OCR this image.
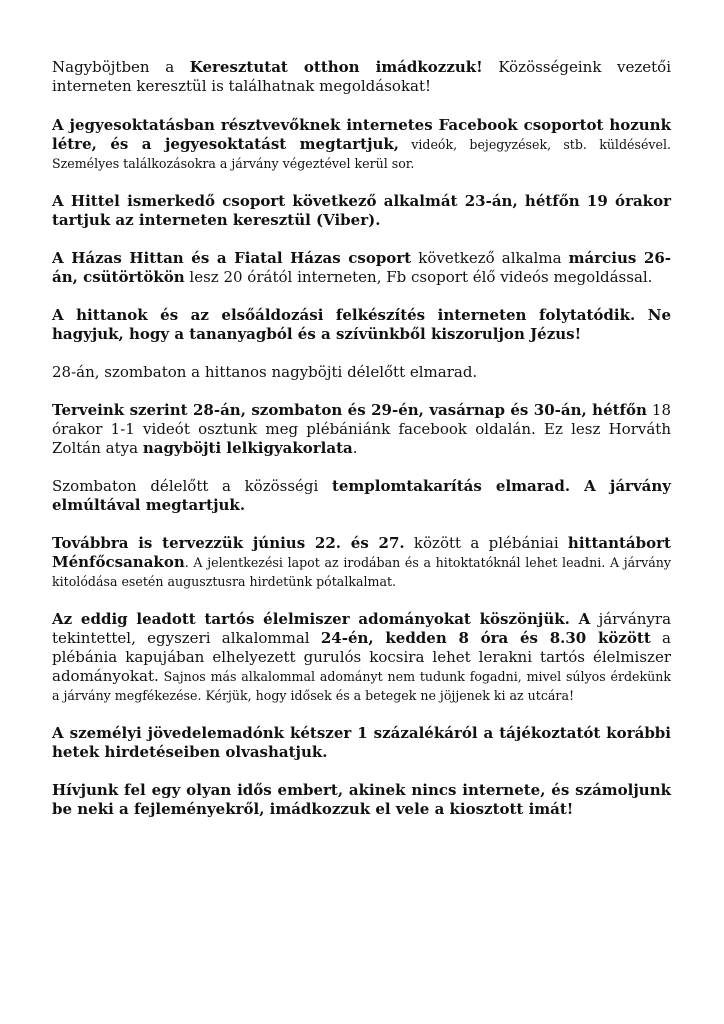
Nagyböjtben a Keresztutat otthon imádkozzuk! Közösségeink vezetői interneten keresztül is találhatnak megoldásokat!

A jegyesoktatásban résztvevőknek internetes Facebook csoportot hozunk létre, és a jegyesoktatást megtartjuk, videók, bejegyzések, stb. küldésével. Személyes találkozásokra a járvány végeztével kerül sor.

A Hittel ismerkedő csoport következő alkalmát 23-án, hétfőn 19 órakor tartjuk az interneten keresztül (Viber).

A Házas Hittan és a Fiatal Házas csoport következő alkalma március 26-án, csütörtökön lesz 20 órától interneten, Fb csoport élő videós megoldással.

A hittanok és az elsőáldozási felkészítés interneten folytatódik. Ne hagyjuk, hogy a tananyagból és a szívünkből kiszoruljon Jézus!

28-án, szombaton a hittanos nagyböjti délelőtt elmarad.

Terveink szerint 28-án, szombaton és 29-én, vasárnap és 30-án, hétfőn 18 órakor 1-1 videót osztunk meg plébániánk facebook oldalán. Ez lesz Horváth Zoltán atya nagyböjti lelkigyakorlata.

Szombaton délelőtt a közösségi templomtakarítás elmarad. A járvány elmúltával megtartjuk.

Továbbra is tervezzük június 22. és 27. között a plébániai hittantábort Ménfőcsanakon. A jelentkezési lapot az irodában és a hitoktatóknál lehet leadni. A járvány kitolódása esetén augusztusra hirdetünk pótalkalmat.

Az eddig leadott tartós élelmiszer adományokat köszönjük. A járványra tekintettel, egyszeri alkalommal 24-én, kedden 8 óra és 8.30 között a plébánia kapujában elhelyezett gurulós kocsira lehet lerakni tartós élelmiszer adományokat. Sajnos más alkalommal adományt nem tudunk fogadni, mivel súlyos érdekünk a járvány megfékezése. Kérjük, hogy idősek és a betegek ne jöjjenek ki az utcára!

A személyi jövedelemadónk kétszer 1 százalékáról a tájékoztatót korábbi hetek hirdetéseiben olvashatjuk.

Hívjunk fel egy olyan idős embert, akinek nincs internete, és számoljunk be neki a fejleményekről, imádkozzuk el vele a kiosztott imát!
